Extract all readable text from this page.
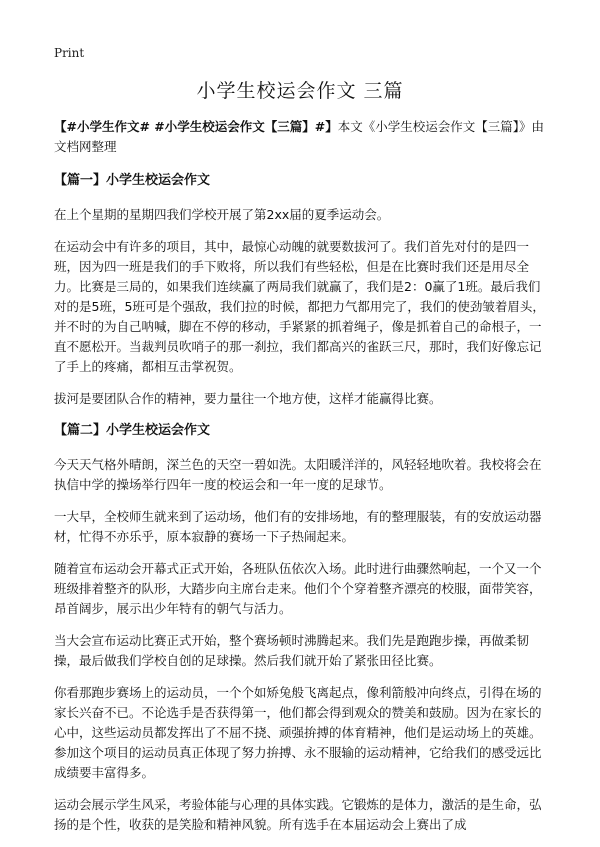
Print
小学生校运会作文 三篇

【#小学生作文# #小学生校运会作文【三篇】#】本文《小学生校运会作文【三篇】》由文档网整理

【篇一】小学生校运会作文

在上个星期的星期四我们学校开展了第2xx届的夏季运动会。

在运动会中有许多的项目，其中，最惊心动魄的就要数拔河了。我们首先对付的是四一班，因为四一班是我们的手下败将，所以我们有些轻松，但是在比赛时我们还是用尽全力。比赛是三局的，如果我们连续赢了两局我们就赢了，我们是2：0赢了1班。最后我们对的是5班，5班可是个强敌，我们拉的时候，都把力气都用完了，我们的使劲皱着眉头，并不时的为自己呐喊，脚在不停的移动，手紧紧的抓着绳子，像是抓着自己的命根子，一直不愿松开。当裁判员吹哨子的那一刹拉，我们都高兴的雀跃三尺，那时，我们好像忘记了手上的疼痛，都相互击掌祝贺。

拔河是要团队合作的精神，要力量往一个地方使，这样才能赢得比赛。

【篇二】小学生校运会作文

今天天气格外晴朗，深兰色的天空一碧如洗。太阳暖洋洋的，风轻轻地吹着。我校将会在执信中学的操场举行四年一度的校运会和一年一度的足球节。

一大早，全校师生就来到了运动场，他们有的安排场地，有的整理服装，有的安放运动器材，忙得不亦乐乎，原本寂静的赛场一下子热闹起来。

随着宣布运动会开幕式正式开始，各班队伍依次入场。此时进行曲骤然响起，一个又一个班级排着整齐的队形，大踏步向主席台走来。他们个个穿着整齐漂亮的校服，面带笑容，昂首阔步，展示出少年特有的朝气与活力。

当大会宣布运动比赛正式开始，整个赛场顿时沸腾起来。我们先是跑跑步操，再做柔韧操，最后做我们学校自创的足球操。然后我们就开始了紧张田径比赛。

你看那跑步赛场上的运动员，一个个如矫兔般飞离起点，像利箭般冲向终点，引得在场的家长兴奋不已。不论选手是否获得第一，他们都会得到观众的赞美和鼓励。因为在家长的心中，这些运动员都发挥出了不屈不挠、顽强拚搏的体育精神，他们是运动场上的英雄。参加这个项目的运动员真正体现了努力拚搏、永不服输的运动精神，它给我们的感受远比成绩要丰富得多。

运动会展示学生风采，考验体能与心理的具体实践。它锻炼的是体力，激活的是生命，弘扬的是个性，收获的是笑脸和精神风貌。所有选手在本届运动会上赛出了成
